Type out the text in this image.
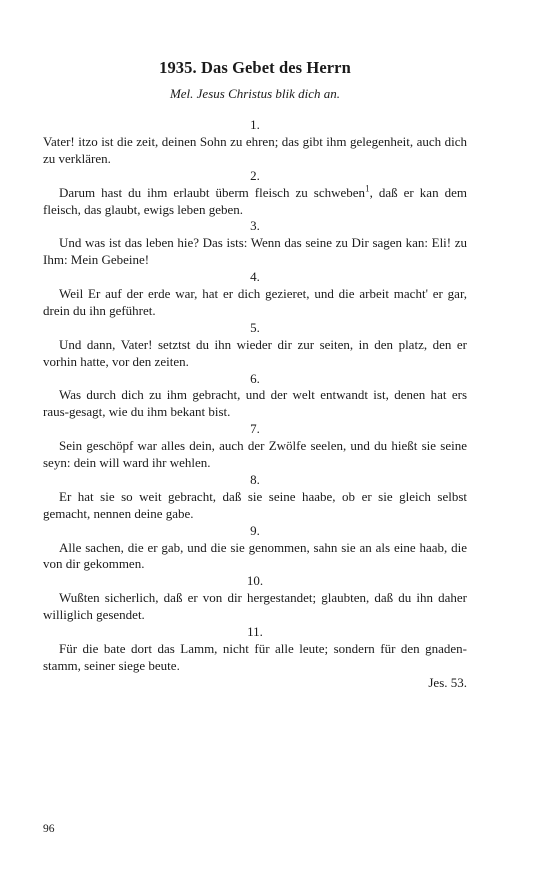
1935. Das Gebet des Herrn
Mel. Jesus Christus blik dich an.
1.
Vater! itzo ist die zeit, deinen Sohn zu ehren; das gibt ihm gelegenheit, auch dich zu verklären.
2.
Darum hast du ihm erlaubt überm fleisch zu schweben$^1$, daß er kan dem fleisch, das glaubt, ewigs leben geben.
3.
Und was ist das leben hie? Das ists: Wenn das seine zu Dir sagen kan: Eli! zu Ihm: Mein Gebeine!
4.
Weil Er auf der erde war, hat er dich gezieret, und die arbeit macht' er gar, drein du ihn geführet.
5.
Und dann, Vater! setztst du ihn wieder dir zur seiten, in den platz, den er vorhin hatte, vor den zeiten.
6.
Was durch dich zu ihm gebracht, und der welt entwandt ist, denen hat ers raus-gesagt, wie du ihm bekant bist.
7.
Sein geschöpf war alles dein, auch der Zwölfe seelen, und du hießt sie seine seyn: dein will ward ihr wehlen.
8.
Er hat sie so weit gebracht, daß sie seine haabe, ob er sie gleich selbst gemacht, nennen deine gabe.
9.
Alle sachen, die er gab, und die sie genommen, sahn sie an als eine haab, die von dir gekommen.
10.
Wußten sicherlich, daß er von dir hergestandet; glaubten, daß du ihn daher williglich gesendet.
11.
Für die bate dort das Lamm, nicht für alle leute; sondern für den gnaden-stamm, seiner siege beute.
Jes. 53.
96
